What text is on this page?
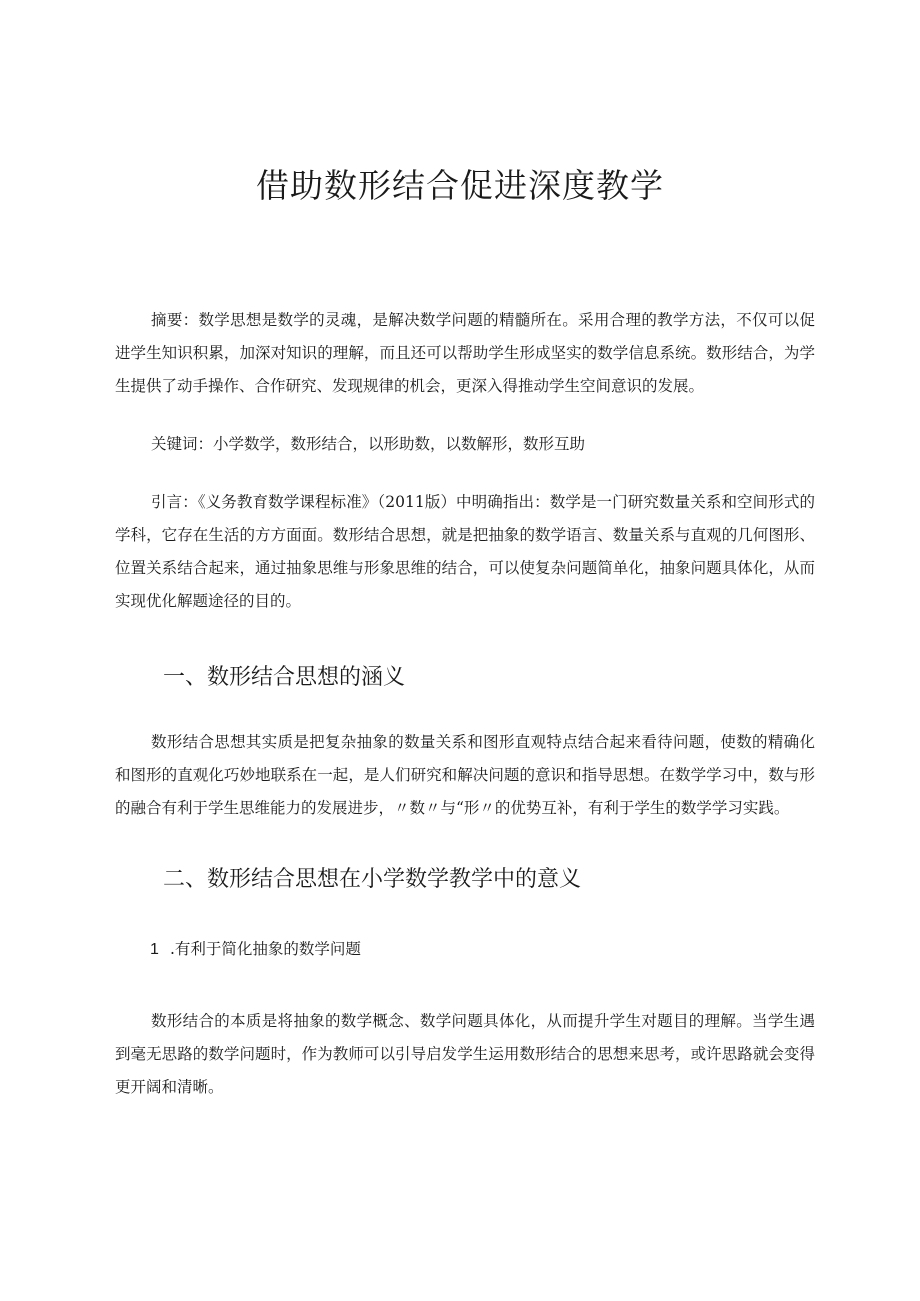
借助数形结合促进深度教学

摘要：数学思想是数学的灵魂，是解决数学问题的精髓所在。采用合理的教学方法，不仅可以促进学生知识积累，加深对知识的理解，而且还可以帮助学生形成坚实的数学信息系统。数形结合，为学生提供了动手操作、合作研究、发现规律的机会，更深入得推动学生空间意识的发展。

关键词：小学数学，数形结合，以形助数，以数解形，数形互助

引言：《义务教育数学课程标准》（2011版）中明确指出：数学是一门研究数量关系和空间形式的学科，它存在生活的方方面面。数形结合思想，就是把抽象的数学语言、数量关系与直观的几何图形、位置关系结合起来，通过抽象思维与形象思维的结合，可以使复杂问题简单化，抽象问题具体化，从而实现优化解题途径的目的。

一、数形结合思想的涵义

数形结合思想其实质是把复杂抽象的数量关系和图形直观特点结合起来看待问题，使数的精确化和图形的直观化巧妙地联系在一起，是人们研究和解决问题的意识和指导思想。在数学学习中，数与形的融合有利于学生思维能力的发展进步，〃数〃与“形〃的优势互补，有利于学生的数学学习实践。

二、数形结合思想在小学数学教学中的意义
1 .有利于简化抽象的数学问题

数形结合的本质是将抽象的数学概念、数学问题具体化，从而提升学生对题目的理解。当学生遇到毫无思路的数学问题时，作为教师可以引导启发学生运用数形结合的思想来思考，或许思路就会变得更开阔和清晰。
